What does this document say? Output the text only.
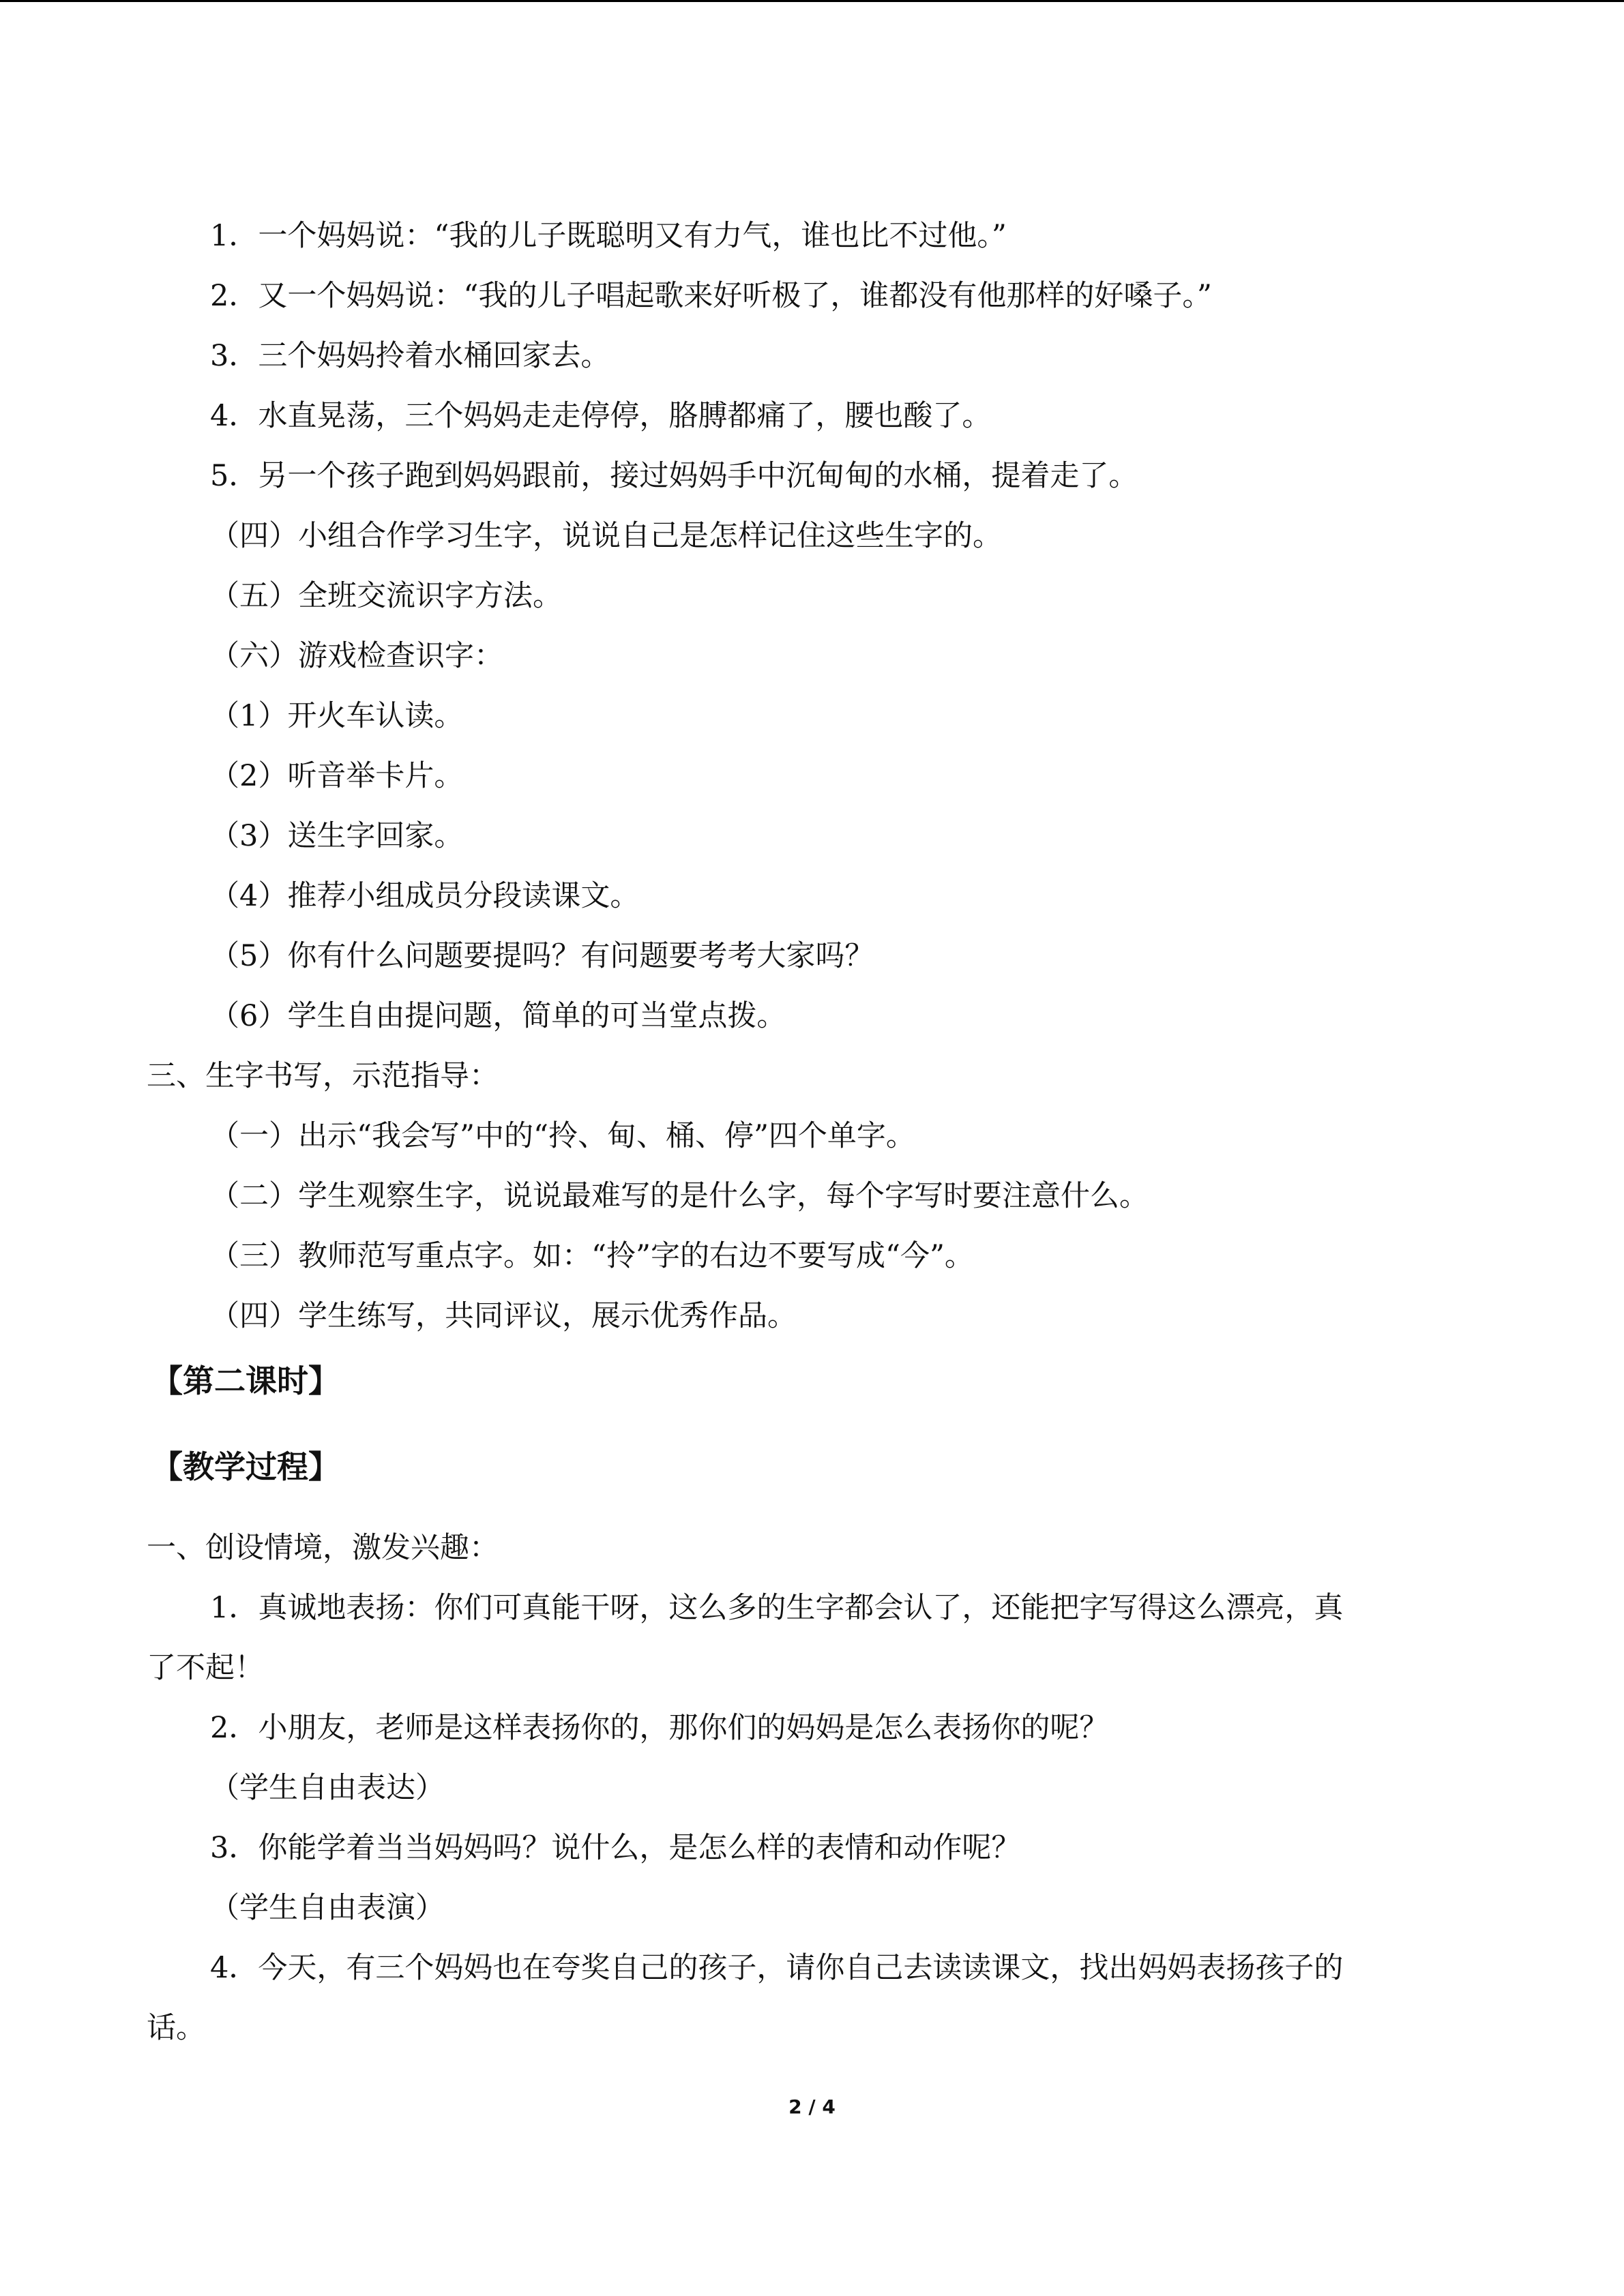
1．一个妈妈说：“我的儿子既聪明又有力气，谁也比不过他。”
2．又一个妈妈说：“我的儿子唱起歌来好听极了，谁都没有他那样的好嗓子。”
3．三个妈妈拎着水桶回家去。
4．水直晃荡，三个妈妈走走停停，胳膊都痛了，腰也酸了。
5．另一个孩子跑到妈妈跟前，接过妈妈手中沉甸甸的水桶，提着走了。
（四）小组合作学习生字，说说自己是怎样记住这些生字的。
（五）全班交流识字方法。
（六）游戏检查识字：
（1）开火车认读。
（2）听音举卡片。
（3）送生字回家。
（4）推荐小组成员分段读课文。
（5）你有什么问题要提吗？有问题要考考大家吗？
（6）学生自由提问题，简单的可当堂点拨。
三、生字书写，示范指导：
（一）出示“我会写”中的“拎、甸、桶、停”四个单字。
（二）学生观察生字，说说最难写的是什么字，每个字写时要注意什么。
（三）教师范写重点字。如：“拎”字的右边不要写成“今”。
（四）学生练写，共同评议，展示优秀作品。
【第二课时】
【教学过程】
一、创设情境，激发兴趣：
1．真诚地表扬：你们可真能干呀，这么多的生字都会认了，还能把字写得这么漂亮，真
了不起！
2．小朋友，老师是这样表扬你的，那你们的妈妈是怎么表扬你的呢？
（学生自由表达）
3．你能学着当当妈妈吗？说什么，是怎么样的表情和动作呢？
（学生自由表演）
4．今天，有三个妈妈也在夸奖自己的孩子，请你自己去读读课文，找出妈妈表扬孩子的
话。
2 / 4
